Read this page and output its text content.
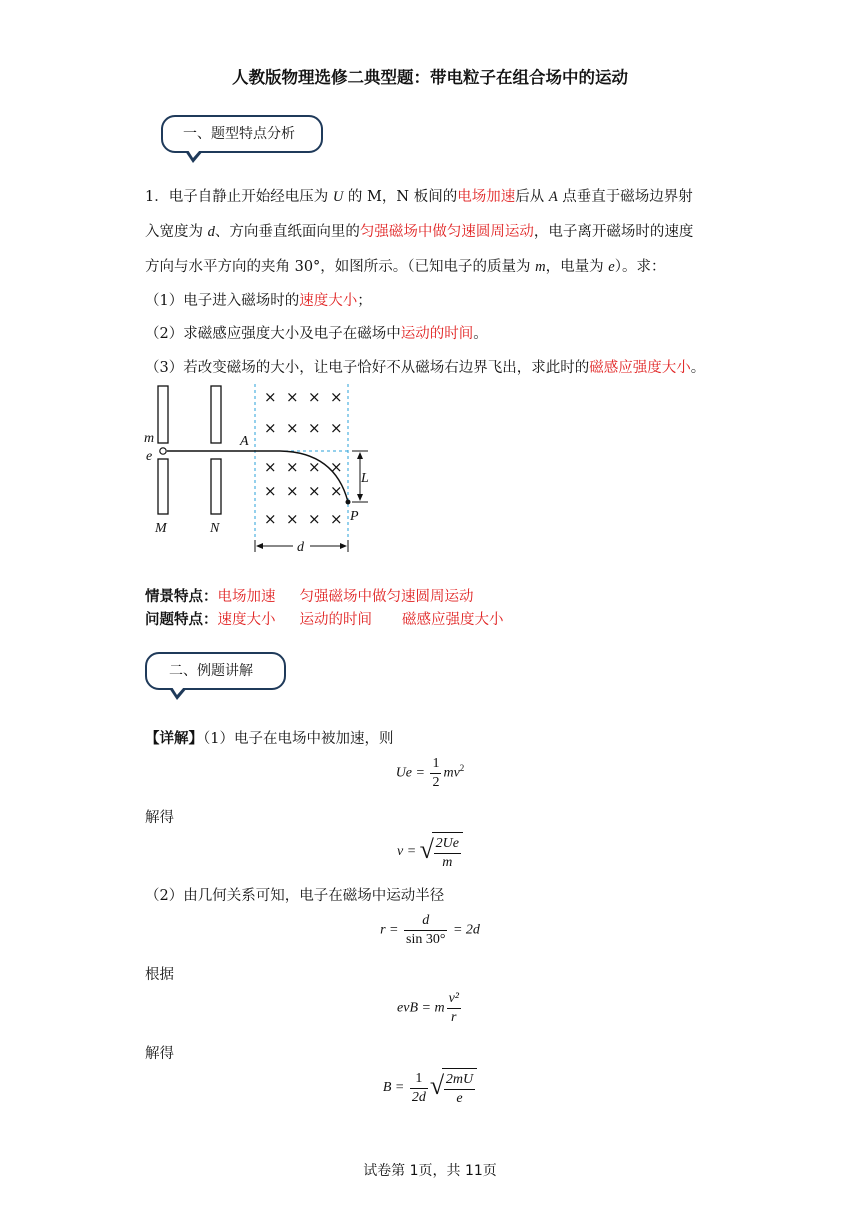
人教版物理选修二典型题：带电粒子在组合场中的运动
一、题型特点分析
1．电子自静止开始经电压为 U 的 M，N 板间的电场加速后从 A 点垂直于磁场边界射
入宽度为 d、方向垂直纸面向里的匀强磁场中做匀速圆周运动，电子离开磁场时的速度
方向与水平方向的夹角 30°，如图所示。（已知电子的质量为 m，电量为 e）。求：
（1）电子进入磁场时的速度大小；
（2）求磁感应强度大小及电子在磁场中运动的时间。
（3）若改变磁场的大小，让电子恰好不从磁场右边界飞出，求此时的磁感应强度大小。
× × × ×
× × × ×
× × × ×
× × × ×
× × × ×
m
e
A
M	N
L
P
d
情景特点：电场加速 匀强磁场中做匀速圆周运动
问题特点：速度大小 运动的时间 磁感应强度大小
二、例题讲解
【详解】（1）电子在电场中被加速，则
$Ue = \frac{1}{2} mv^2$
解得
v = √ $\frac{2Ue}{m}$
（2）由几何关系可知，电子在磁场中运动半径
$r = \frac{d}{\sin 30^\circ} = 2d$
根据
evB = m $\frac{\text{v²}}{r}$
解得
$B = \frac{1}{2d}$ √ $\frac{2mU}{e}$
试卷第 1页，共 11页
